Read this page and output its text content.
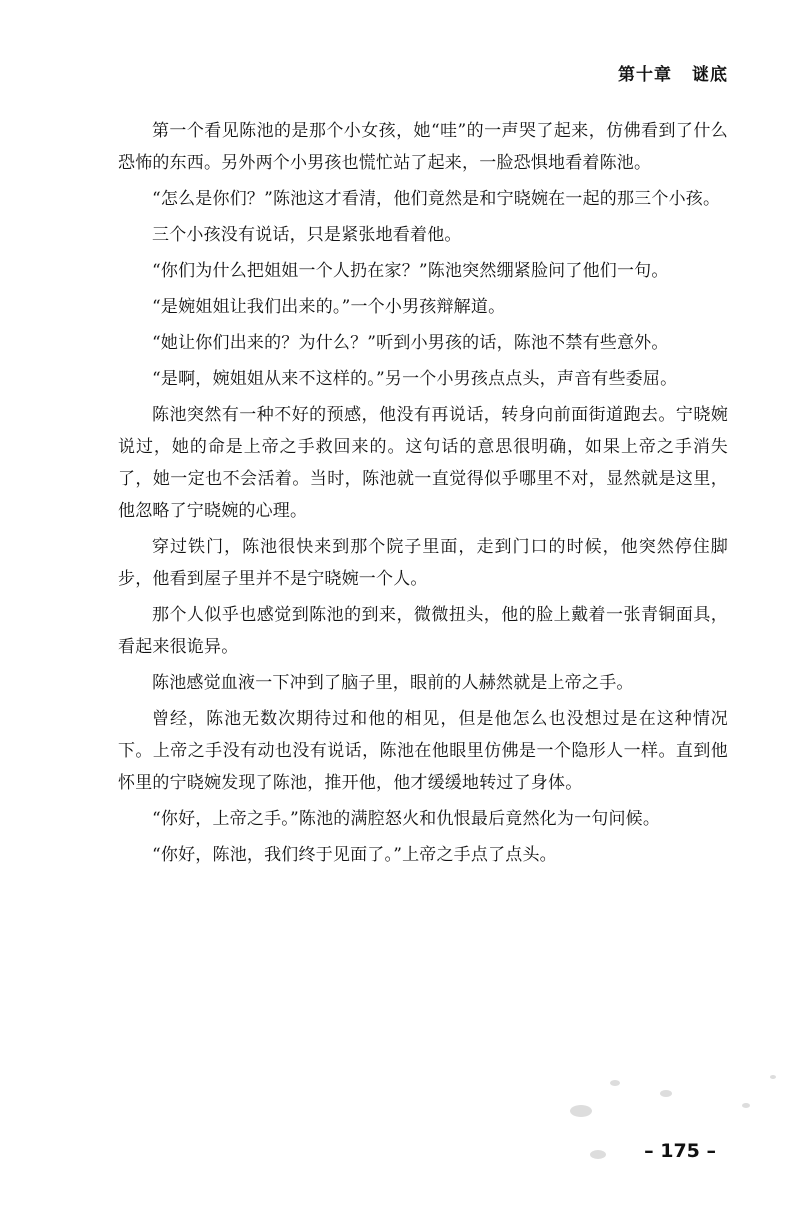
第十章 谜底

第一个看见陈池的是那个小女孩，她“哇”的一声哭了起来，仿佛看到了什么恐怖的东西。另外两个小男孩也慌忙站了起来，一脸恐惧地看着陈池。

“怎么是你们？”陈池这才看清，他们竟然是和宁晓婉在一起的那三个小孩。

三个小孩没有说话，只是紧张地看着他。

“你们为什么把姐姐一个人扔在家？”陈池突然绷紧脸问了他们一句。

“是婉姐姐让我们出来的。”一个小男孩辩解道。

“她让你们出来的？为什么？”听到小男孩的话，陈池不禁有些意外。

“是啊，婉姐姐从来不这样的。”另一个小男孩点点头，声音有些委屈。

陈池突然有一种不好的预感，他没有再说话，转身向前面街道跑去。宁晓婉说过，她的命是上帝之手救回来的。这句话的意思很明确，如果上帝之手消失了，她一定也不会活着。当时，陈池就一直觉得似乎哪里不对，显然就是这里，他忽略了宁晓婉的心理。

穿过铁门，陈池很快来到那个院子里面，走到门口的时候，他突然停住脚步，他看到屋子里并不是宁晓婉一个人。

那个人似乎也感觉到陈池的到来，微微扭头，他的脸上戴着一张青铜面具，看起来很诡异。

陈池感觉血液一下冲到了脑子里，眼前的人赫然就是上帝之手。

曾经，陈池无数次期待过和他的相见，但是他怎么也没想过是在这种情况下。上帝之手没有动也没有说话，陈池在他眼里仿佛是一个隐形人一样。直到他怀里的宁晓婉发现了陈池，推开他，他才缓缓地转过了身体。

“你好，上帝之手。”陈池的满腔怒火和仇恨最后竟然化为一句问候。

“你好，陈池，我们终于见面了。”上帝之手点了点头。

– 175 –
